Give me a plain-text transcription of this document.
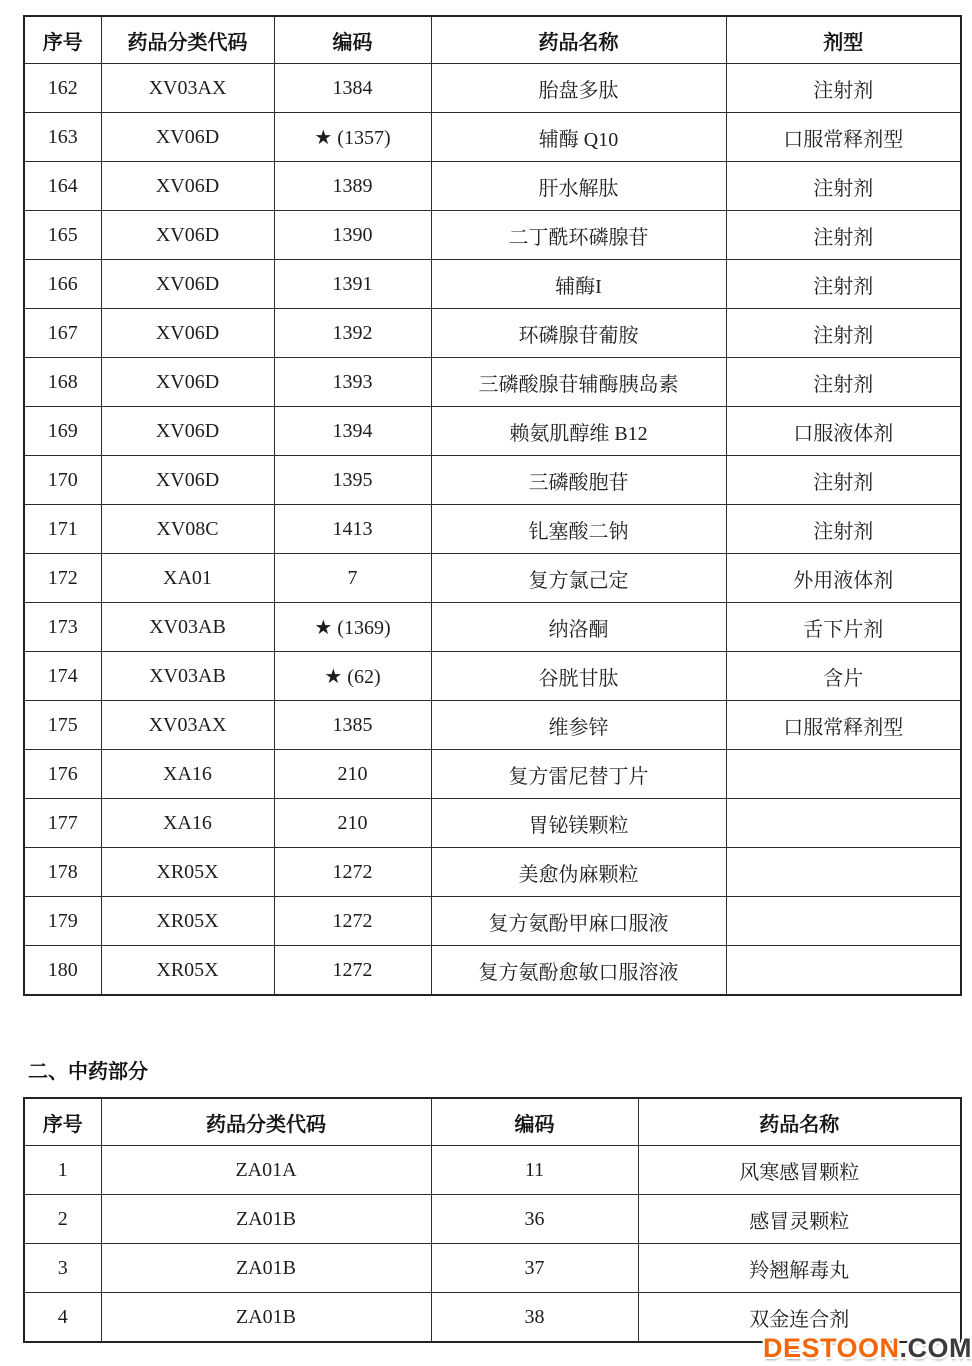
序号	药品分类代码	编码	药品名称	剂型
162	XV03AX	1384	胎盘多肽	注射剂
163	XV06D	★ (1357)	辅酶 Q10	口服常释剂型
164	XV06D	1389	肝水解肽	注射剂
165	XV06D	1390	二丁酰环磷腺苷	注射剂
166	XV06D	1391	辅酶I	注射剂
167	XV06D	1392	环磷腺苷葡胺	注射剂
168	XV06D	1393	三磷酸腺苷辅酶胰岛素	注射剂
169	XV06D	1394	赖氨肌醇维 B12	口服液体剂
170	XV06D	1395	三磷酸胞苷	注射剂
171	XV08C	1413	钆塞酸二钠	注射剂
172	XA01	7	复方氯己定	外用液体剂
173	XV03AB	★ (1369)	纳洛酮	舌下片剂
174	XV03AB	★ (62)	谷胱甘肽	含片
175	XV03AX	1385	维参锌	口服常释剂型
176	XA16	210	复方雷尼替丁片	
177	XA16	210	胃铋镁颗粒	
178	XR05X	1272	美愈伪麻颗粒	
179	XR05X	1272	复方氨酚甲麻口服液	
180	XR05X	1272	复方氨酚愈敏口服溶液	
二、中药部分
序号	药品分类代码	编码	药品名称
1	ZA01A	11	风寒感冒颗粒
2	ZA01B	36	感冒灵颗粒
3	ZA01B	37	羚翘解毒丸
4	ZA01B	38	双金连合剂
DESTOON.COM
